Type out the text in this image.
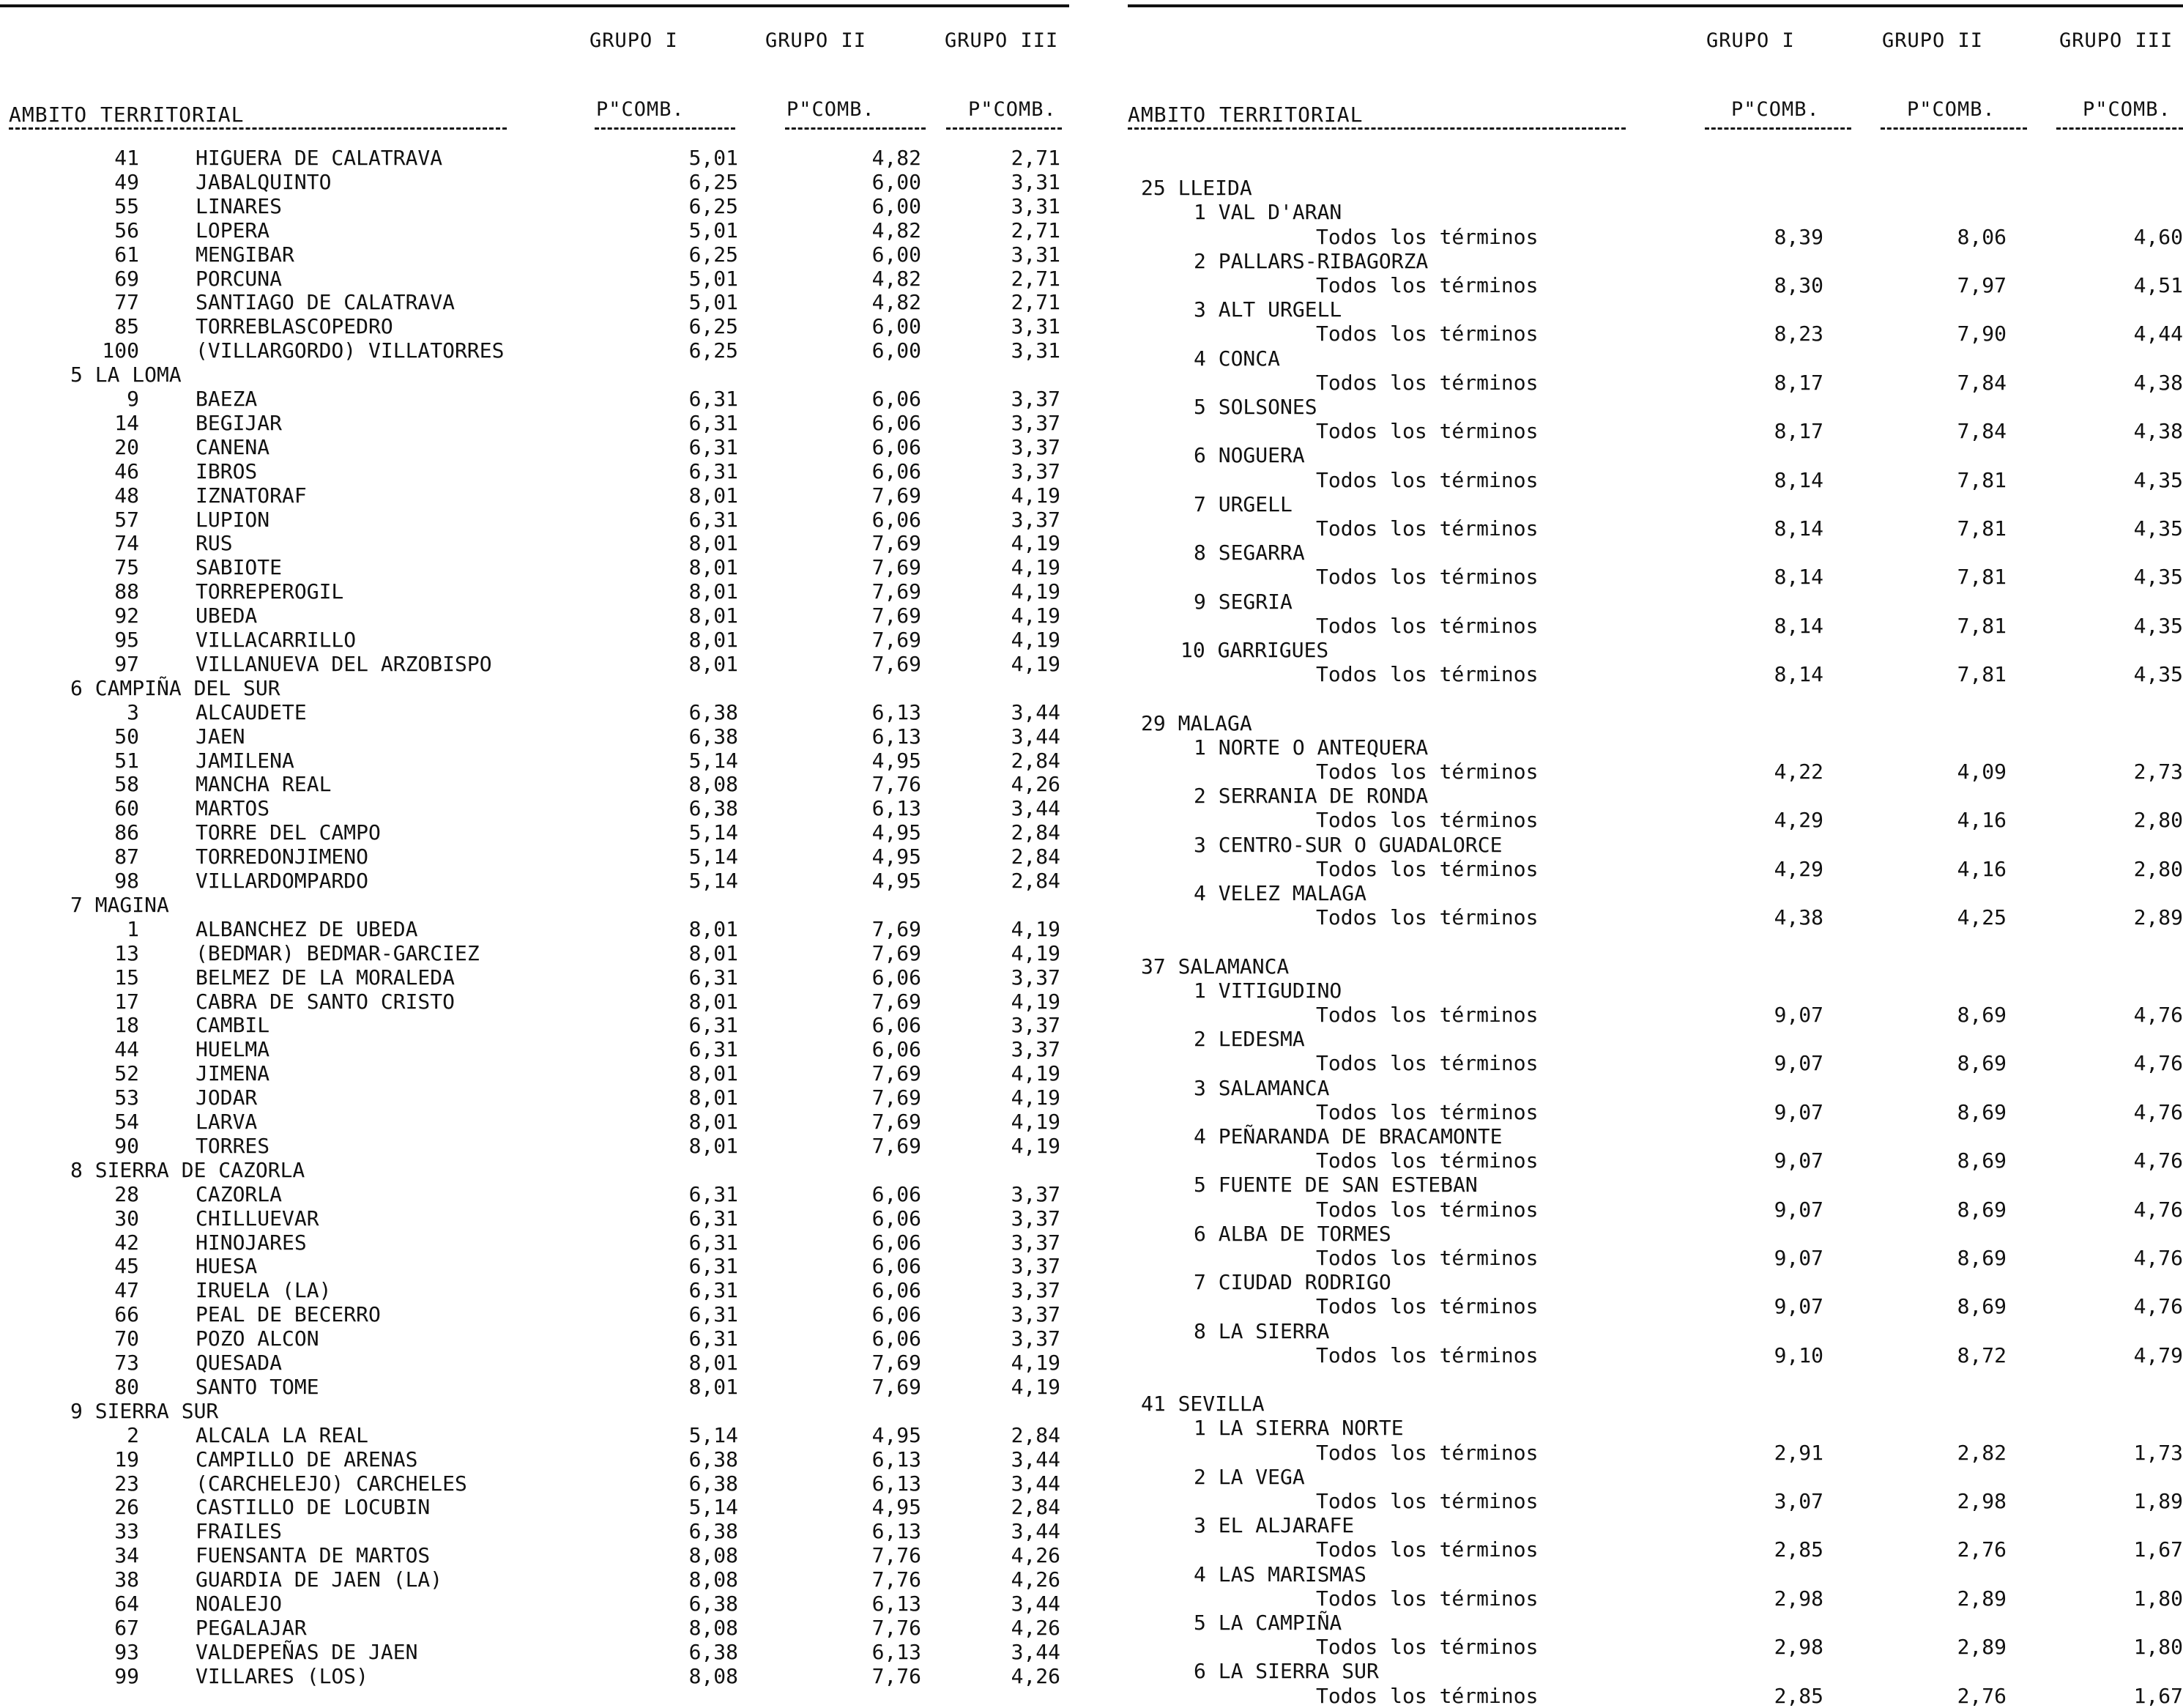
GRUPO I	GRUPO II	GRUPO III
AMBITO TERRITORIAL	P"COMB.	P"COMB.	P"COMB.
41	HIGUERA DE CALATRAVA	5,01	4,82	2,71
49	JABALQUINTO	6,25	6,00	3,31
55	LINARES	6,25	6,00	3,31
56	LOPERA	5,01	4,82	2,71
61	MENGIBAR	6,25	6,00	3,31
69	PORCUNA	5,01	4,82	2,71
77	SANTIAGO DE CALATRAVA	5,01	4,82	2,71
85	TORREBLASCOPEDRO	6,25	6,00	3,31
100	(VILLARGORDO) VILLATORRES	6,25	6,00	3,31
5 LA LOMA
9	BAEZA	6,31	6,06	3,37
14	BEGIJAR	6,31	6,06	3,37
20	CANENA	6,31	6,06	3,37
46	IBROS	6,31	6,06	3,37
48	IZNATORAF	8,01	7,69	4,19
57	LUPION	6,31	6,06	3,37
74	RUS	8,01	7,69	4,19
75	SABIOTE	8,01	7,69	4,19
88	TORREPEROGIL	8,01	7,69	4,19
92	UBEDA	8,01	7,69	4,19
95	VILLACARRILLO	8,01	7,69	4,19
97	VILLANUEVA DEL ARZOBISPO	8,01	7,69	4,19
6 CAMPIÑA DEL SUR
3	ALCAUDETE	6,38	6,13	3,44
50	JAEN	6,38	6,13	3,44
51	JAMILENA	5,14	4,95	2,84
58	MANCHA REAL	8,08	7,76	4,26
60	MARTOS	6,38	6,13	3,44
86	TORRE DEL CAMPO	5,14	4,95	2,84
87	TORREDONJIMENO	5,14	4,95	2,84
98	VILLARDOMPARDO	5,14	4,95	2,84
7 MAGINA
1	ALBANCHEZ DE UBEDA	8,01	7,69	4,19
13	(BEDMAR) BEDMAR-GARCIEZ	8,01	7,69	4,19
15	BELMEZ DE LA MORALEDA	6,31	6,06	3,37
17	CABRA DE SANTO CRISTO	8,01	7,69	4,19
18	CAMBIL	6,31	6,06	3,37
44	HUELMA	6,31	6,06	3,37
52	JIMENA	8,01	7,69	4,19
53	JODAR	8,01	7,69	4,19
54	LARVA	8,01	7,69	4,19
90	TORRES	8,01	7,69	4,19
8 SIERRA DE CAZORLA
28	CAZORLA	6,31	6,06	3,37
30	CHILLUEVAR	6,31	6,06	3,37
42	HINOJARES	6,31	6,06	3,37
45	HUESA	6,31	6,06	3,37
47	IRUELA (LA)	6,31	6,06	3,37
66	PEAL DE BECERRO	6,31	6,06	3,37
70	POZO ALCON	6,31	6,06	3,37
73	QUESADA	8,01	7,69	4,19
80	SANTO TOME	8,01	7,69	4,19
9 SIERRA SUR
2	ALCALA LA REAL	5,14	4,95	2,84
19	CAMPILLO DE ARENAS	6,38	6,13	3,44
23	(CARCHELEJO) CARCHELES	6,38	6,13	3,44
26	CASTILLO DE LOCUBIN	5,14	4,95	2,84
33	FRAILES	6,38	6,13	3,44
34	FUENSANTA DE MARTOS	8,08	7,76	4,26
38	GUARDIA DE JAEN (LA)	8,08	7,76	4,26
64	NOALEJO	6,38	6,13	3,44
67	PEGALAJAR	8,08	7,76	4,26
93	VALDEPEÑAS DE JAEN	6,38	6,13	3,44
99	VILLARES (LOS)	8,08	7,76	4,26
GRUPO I	GRUPO II	GRUPO III
AMBITO TERRITORIAL	P"COMB.	P"COMB.	P"COMB.
25 LLEIDA
1 VAL D'ARAN
Todos los términos	8,39	8,06	4,60
2 PALLARS-RIBAGORZA
Todos los términos	8,30	7,97	4,51
3 ALT URGELL
Todos los términos	8,23	7,90	4,44
4 CONCA
Todos los términos	8,17	7,84	4,38
5 SOLSONES
Todos los términos	8,17	7,84	4,38
6 NOGUERA
Todos los términos	8,14	7,81	4,35
7 URGELL
Todos los términos	8,14	7,81	4,35
8 SEGARRA
Todos los términos	8,14	7,81	4,35
9 SEGRIA
Todos los términos	8,14	7,81	4,35
10 GARRIGUES
Todos los términos	8,14	7,81	4,35
29 MALAGA
1 NORTE O ANTEQUERA
Todos los términos	4,22	4,09	2,73
2 SERRANIA DE RONDA
Todos los términos	4,29	4,16	2,80
3 CENTRO-SUR O GUADALORCE
Todos los términos	4,29	4,16	2,80
4 VELEZ MALAGA
Todos los términos	4,38	4,25	2,89
37 SALAMANCA
1 VITIGUDINO
Todos los términos	9,07	8,69	4,76
2 LEDESMA
Todos los términos	9,07	8,69	4,76
3 SALAMANCA
Todos los términos	9,07	8,69	4,76
4 PEÑARANDA DE BRACAMONTE
Todos los términos	9,07	8,69	4,76
5 FUENTE DE SAN ESTEBAN
Todos los términos	9,07	8,69	4,76
6 ALBA DE TORMES
Todos los términos	9,07	8,69	4,76
7 CIUDAD RODRIGO
Todos los términos	9,07	8,69	4,76
8 LA SIERRA
Todos los términos	9,10	8,72	4,79
41 SEVILLA
1 LA SIERRA NORTE
Todos los términos	2,91	2,82	1,73
2 LA VEGA
Todos los términos	3,07	2,98	1,89
3 EL ALJARAFE
Todos los términos	2,85	2,76	1,67
4 LAS MARISMAS
Todos los términos	2,98	2,89	1,80
5 LA CAMPIÑA
Todos los términos	2,98	2,89	1,80
6 LA SIERRA SUR
Todos los términos	2,85	2,76	1,67
